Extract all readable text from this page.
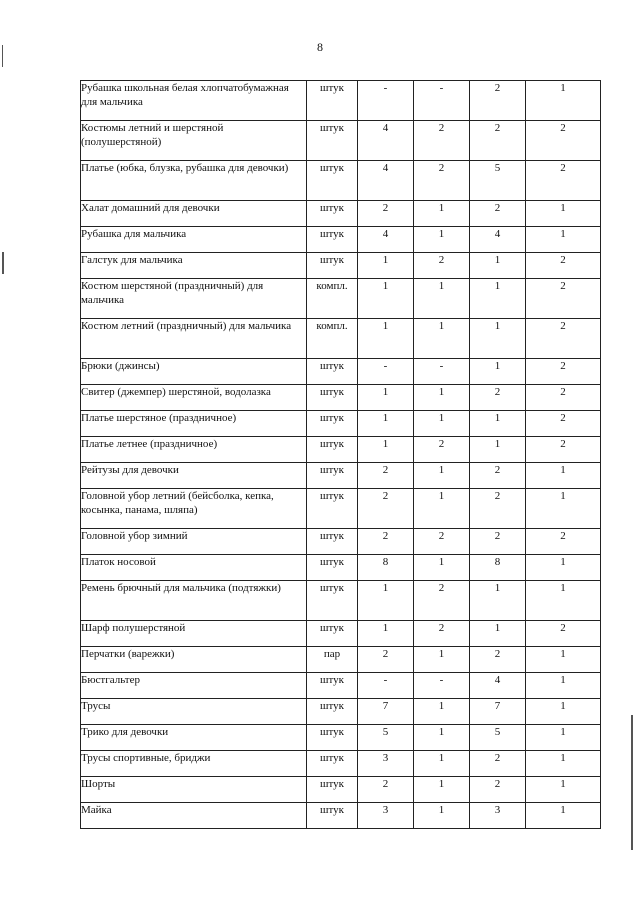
8
Рубашка школьная белая хлопчатобумажная для мальчика	штук	-	-	2	1
Костюмы летний и шерстяной (полушерстяной)	штук	4	2	2	2
Платье (юбка, блузка, рубашка для девочки)	штук	4	2	5	2
Халат домашний для девочки	штук	2	1	2	1
Рубашка для мальчика	штук	4	1	4	1
Галстук для мальчика	штук	1	2	1	2
Костюм шерстяной (праздничный) для мальчика	компл.	1	1	1	2
Костюм летний (праздничный) для мальчика	компл.	1	1	1	2
Брюки (джинсы)	штук	-	-	1	2
Свитер (джемпер) шерстяной, водолазка	штук	1	1	2	2
Платье шерстяное (праздничное)	штук	1	1	1	2
Платье летнее (праздничное)	штук	1	2	1	2
Рейтузы для девочки	штук	2	1	2	1
Головной убор летний (бейсболка, кепка, косынка, панама, шляпа)	штук	2	1	2	1
Головной убор зимний	штук	2	2	2	2
Платок носовой	штук	8	1	8	1
Ремень брючный для мальчика (подтяжки)	штук	1	2	1	1
Шарф полушерстяной	штук	1	2	1	2
Перчатки (варежки)	пар	2	1	2	1
Бюстгальтер	штук	-	-	4	1
Трусы	штук	7	1	7	1
Трико для девочки	штук	5	1	5	1
Трусы спортивные, бриджи	штук	3	1	2	1
Шорты	штук	2	1	2	1
Майка	штук	3	1	3	1
